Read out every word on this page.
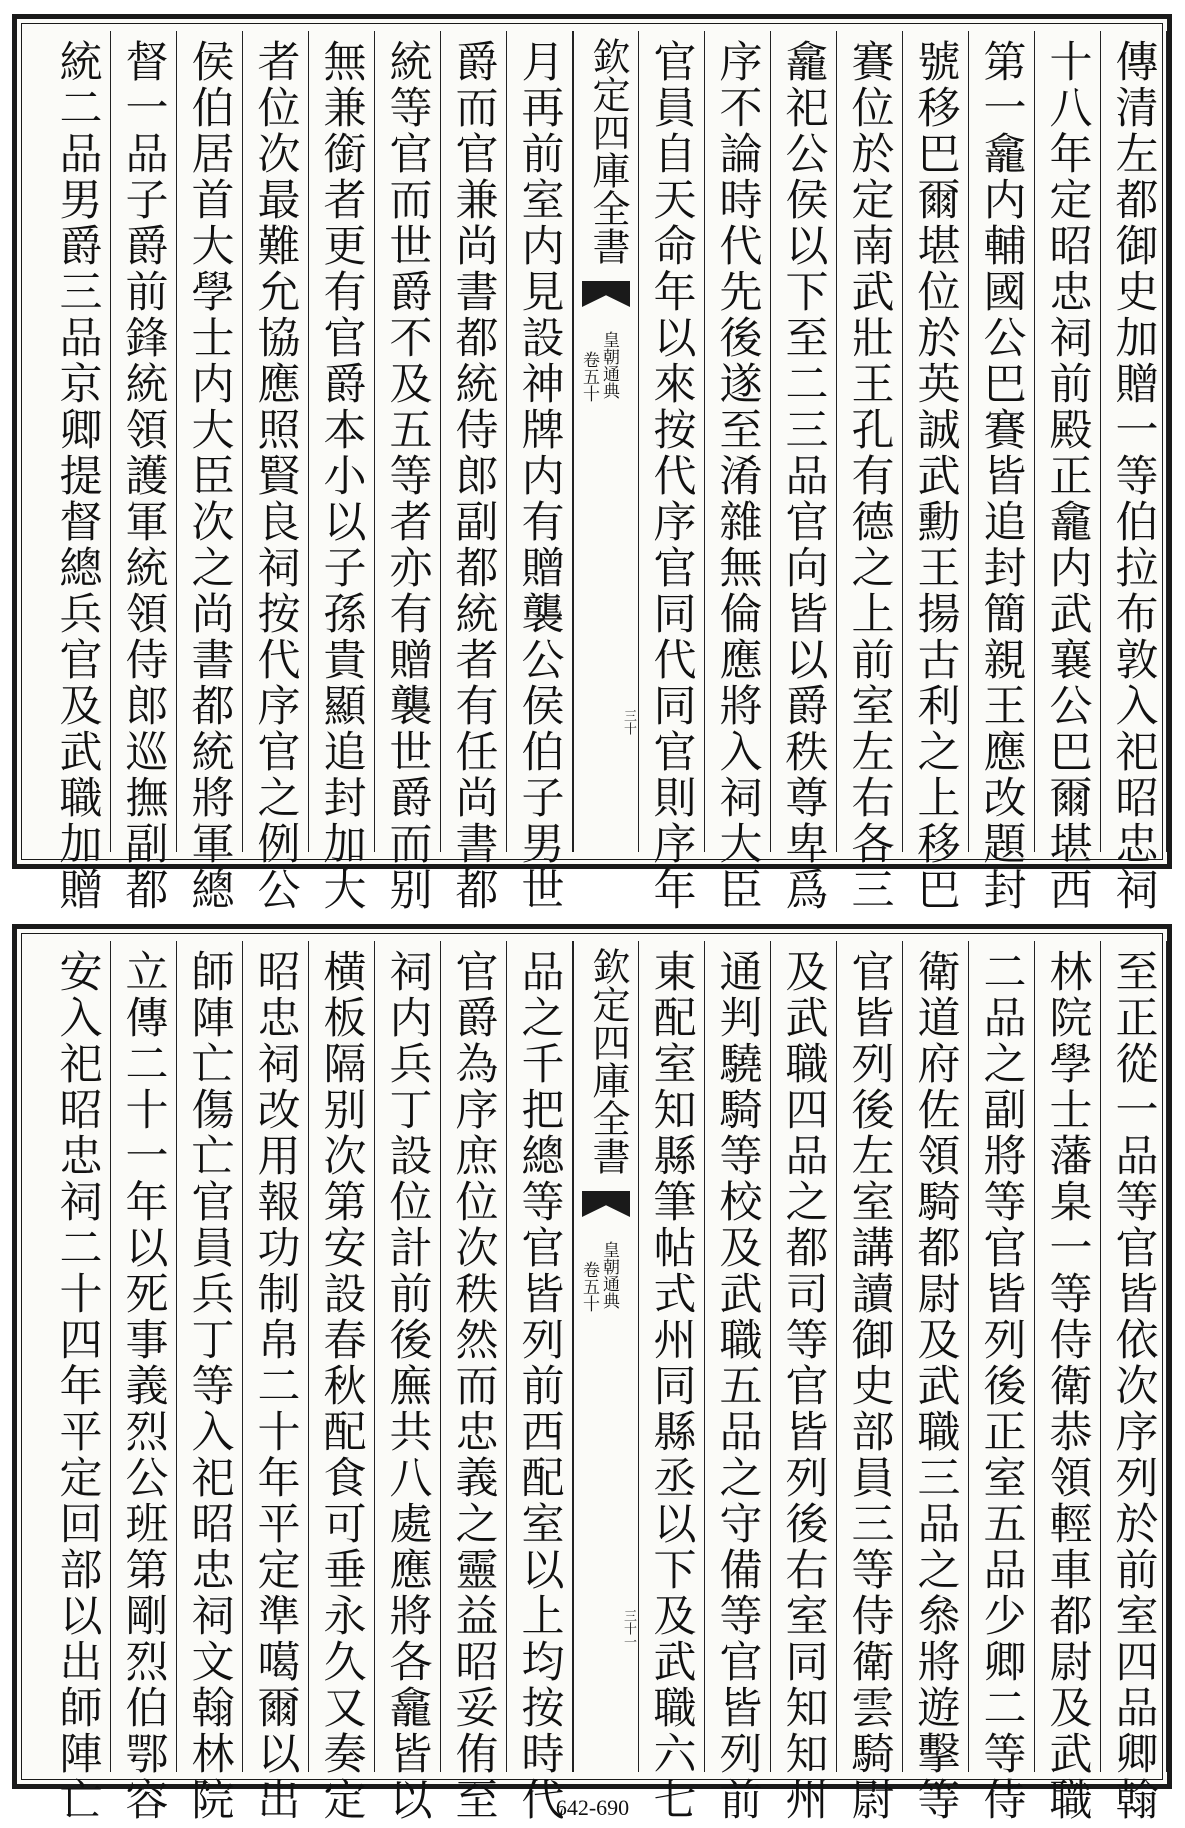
傳清左都御史加贈一等伯拉布敦入祀昭忠祠
十八年定昭忠祠前殿正龕内武襄公巴爾堪西
第一龕内輔國公巴賽皆追封簡親王應改題封
號移巴爾堪位於英誠武勳王揚古利之上移巴
賽位於定南武壯王孔有德之上前室左右各三
龕祀公侯以下至二三品官向皆以爵秩尊卑爲
序不論時代先後遂至淆雜無倫應將入祠大臣
官員自天命年以來按代序官同代同官則序年
欽定四庫全書
皇朝通典
卷五十
三十
月再前室内見設神牌内有贈襲公侯伯子男世
爵而官兼尚書都統侍郎副都統者有任尚書都
統等官而世爵不及五等者亦有贈襲世爵而别
無兼銜者更有官爵本小以子孫貴顯追封加大
者位次最難允協應照賢良祠按代序官之例公
侯伯居首大學士内大臣次之尚書都統將軍總
督一品子爵前鋒統領護軍統領侍郎巡撫副都
統二品男爵三品京卿提督總兵官及武職加贈
至正從一品等官皆依次序列於前室四品卿翰
林院學士藩臬一等侍衛恭領輕車都尉及武職
二品之副將等官皆列後正室五品少卿二等侍
衛道府佐領騎都尉及武職三品之叅將遊擊等
官皆列後左室講讀御史部員三等侍衛雲騎尉
及武職四品之都司等官皆列後右室同知知州
通判驍騎等校及武職五品之守備等官皆列前
東配室知縣筆帖式州同縣丞以下及武職六七
欽定四庫全書
皇朝通典
卷五十
三十一
品之千把總等官皆列前西配室以上均按時代
官爵為序庶位次秩然而忠義之靈益昭妥侑至
祠内兵丁設位計前後廡共八處應將各龕皆以
横板隔别次第安設春秋配食可垂永久又奏定
昭忠祠改用報功制帛二十年平定準噶爾以出
師陣亡傷亡官員兵丁等入祀昭忠祠文翰林院
立傳二十一年以死事義烈公班第剛烈伯鄂容
安入祀昭忠祠二十四年平定回部以出師陣亡	642-690
